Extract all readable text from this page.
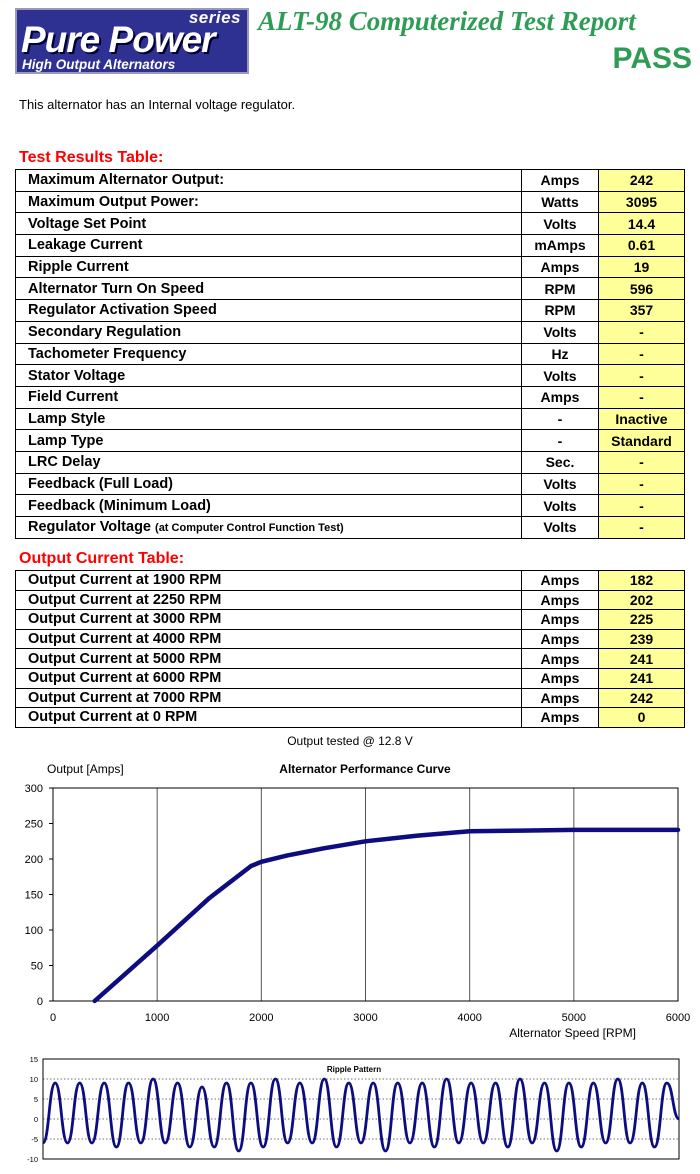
series
Pure Power
High Output Alternators
ALT-98 Computerized Test Report
PASS
This alternator has an Internal voltage regulator.
Test Results Table:
Maximum Alternator Output:	Amps	242
Maximum Output Power:	Watts	3095
Voltage Set Point	Volts	14.4
Leakage Current	mAmps	0.61
Ripple Current	Amps	19
Alternator Turn On Speed	RPM	596
Regulator Activation Speed	RPM	357
Secondary Regulation	Volts	-
Tachometer Frequency	Hz	-
Stator Voltage	Volts	-
Field Current	Amps	-
Lamp Style	-	Inactive
Lamp Type	-	Standard
LRC Delay	Sec.	-
Feedback (Full Load)	Volts	-
Feedback (Minimum Load)	Volts	-
Regulator Voltage (at Computer Control Function Test)	Volts	-
Output Current Table:
Output Current at 1900 RPM	Amps	182
Output Current at 2250 RPM	Amps	202
Output Current at 3000 RPM	Amps	225
Output Current at 4000 RPM	Amps	239
Output Current at 5000 RPM	Amps	241
Output Current at 6000 RPM	Amps	241
Output Current at 7000 RPM	Amps	242
Output Current at 0 RPM	Amps	0
Output tested @ 12.8 V
Alternator Performance Curve
Output [Amps]
Alternator Speed [RPM]
0	1000	2000	3000	4000	5000	6000
0
50
100
150
200
250
300
Ripple Pattern
-10
-5
0
5
10
15
